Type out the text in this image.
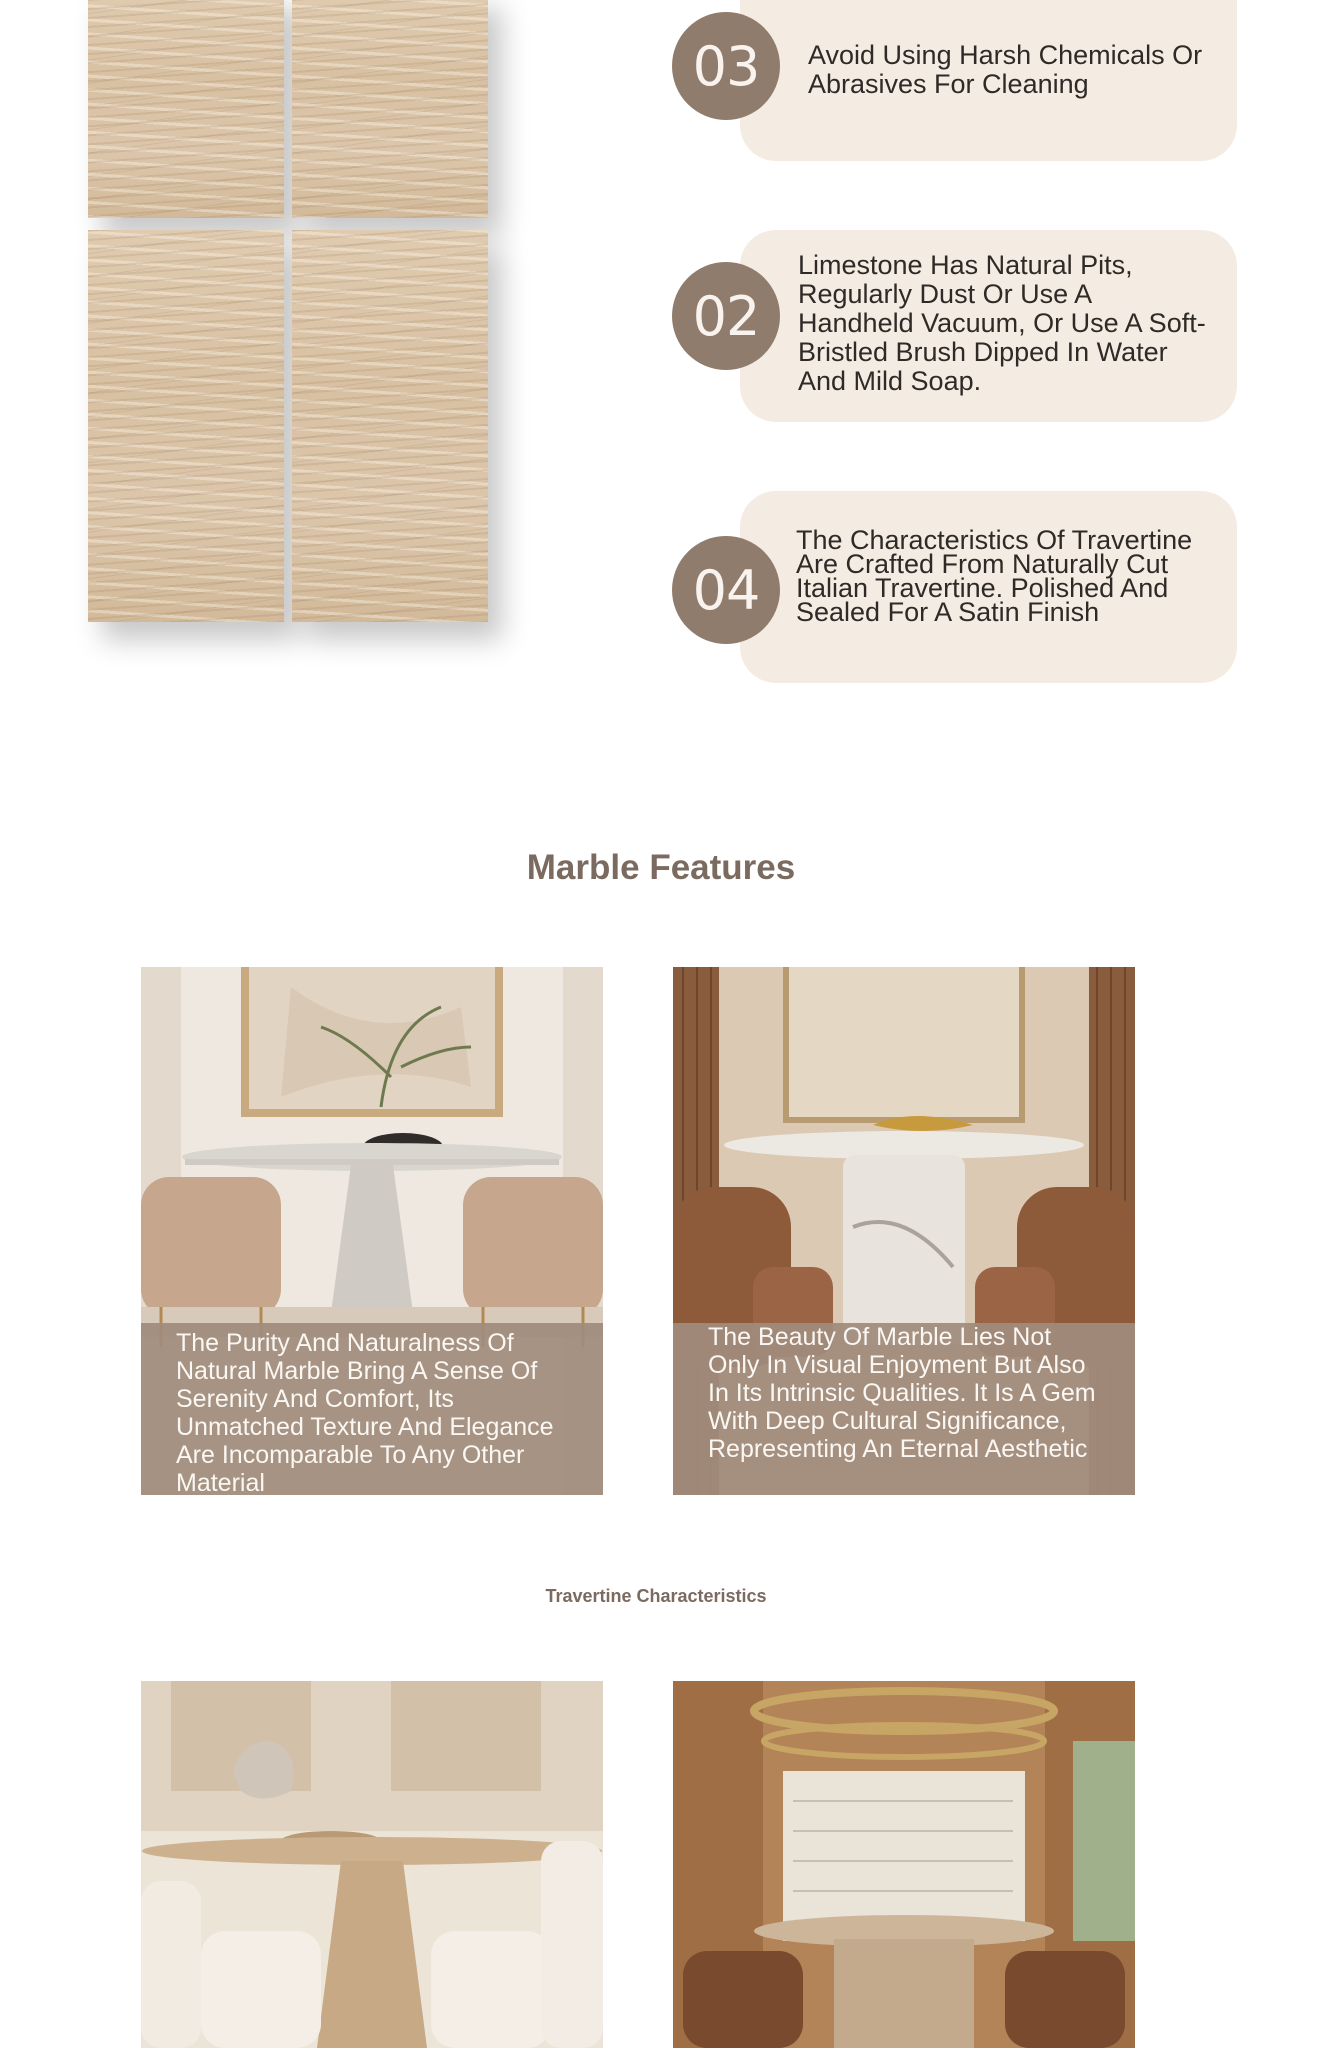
03	Avoid Using Harsh Chemicals Or Abrasives For Cleaning
02
Limestone Has Natural Pits, Regularly Dust Or Use A Handheld Vacuum, Or Use A Soft-Bristled Brush Dipped In Water And Mild Soap.
04
The Characteristics Of Travertine Are Crafted From Naturally Cut Italian Travertine. Polished And Sealed For A Satin Finish
Marble Features
The Purity And Naturalness Of Natural Marble Bring A Sense Of Serenity And Comfort, Its Unmatched Texture And Elegance Are Incomparable To Any Other Material
The Beauty Of Marble Lies Not Only In Visual Enjoyment But Also In Its Intrinsic Qualities. It Is A Gem With Deep Cultural Significance, Representing An Eternal Aesthetic
Travertine Characteristics
​
